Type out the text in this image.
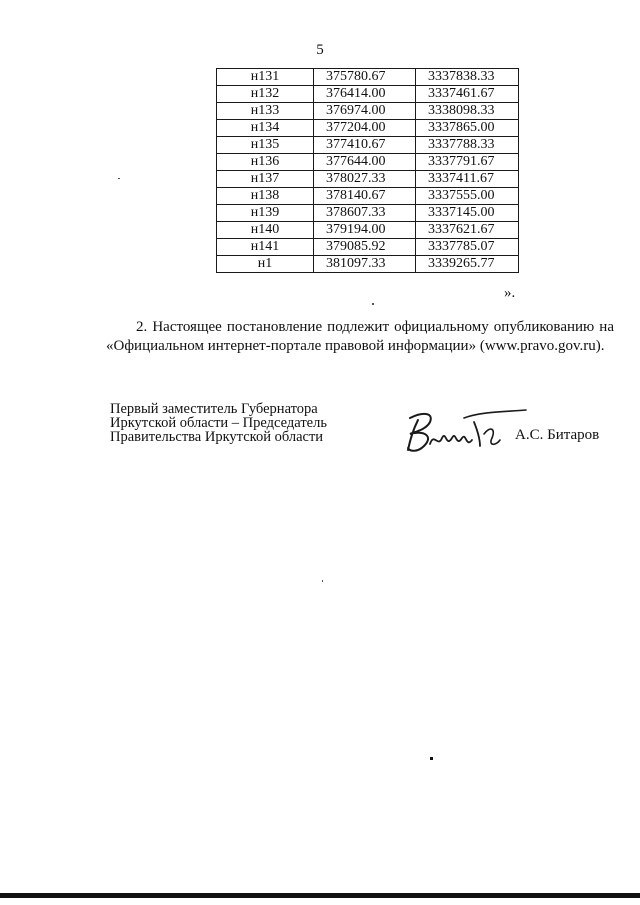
5
н131	375780.67	3337838.33
н132	376414.00	3337461.67
н133	376974.00	3338098.33
н134	377204.00	3337865.00
н135	377410.67	3337788.33
н136	377644.00	3337791.67
н137	378027.33	3337411.67
н138	378140.67	3337555.00
н139	378607.33	3337145.00
н140	379194.00	3337621.67
н141	379085.92	3337785.07
н1	381097.33	3339265.77
».
2. Настоящее постановление подлежит официальному опубликованию на «Официальном интернет-портале правовой информации» (www.pravo.gov.ru).
Первый заместитель Губернатора
Иркутской области – Председатель
Правительства Иркутской области	А.С. Битаров
